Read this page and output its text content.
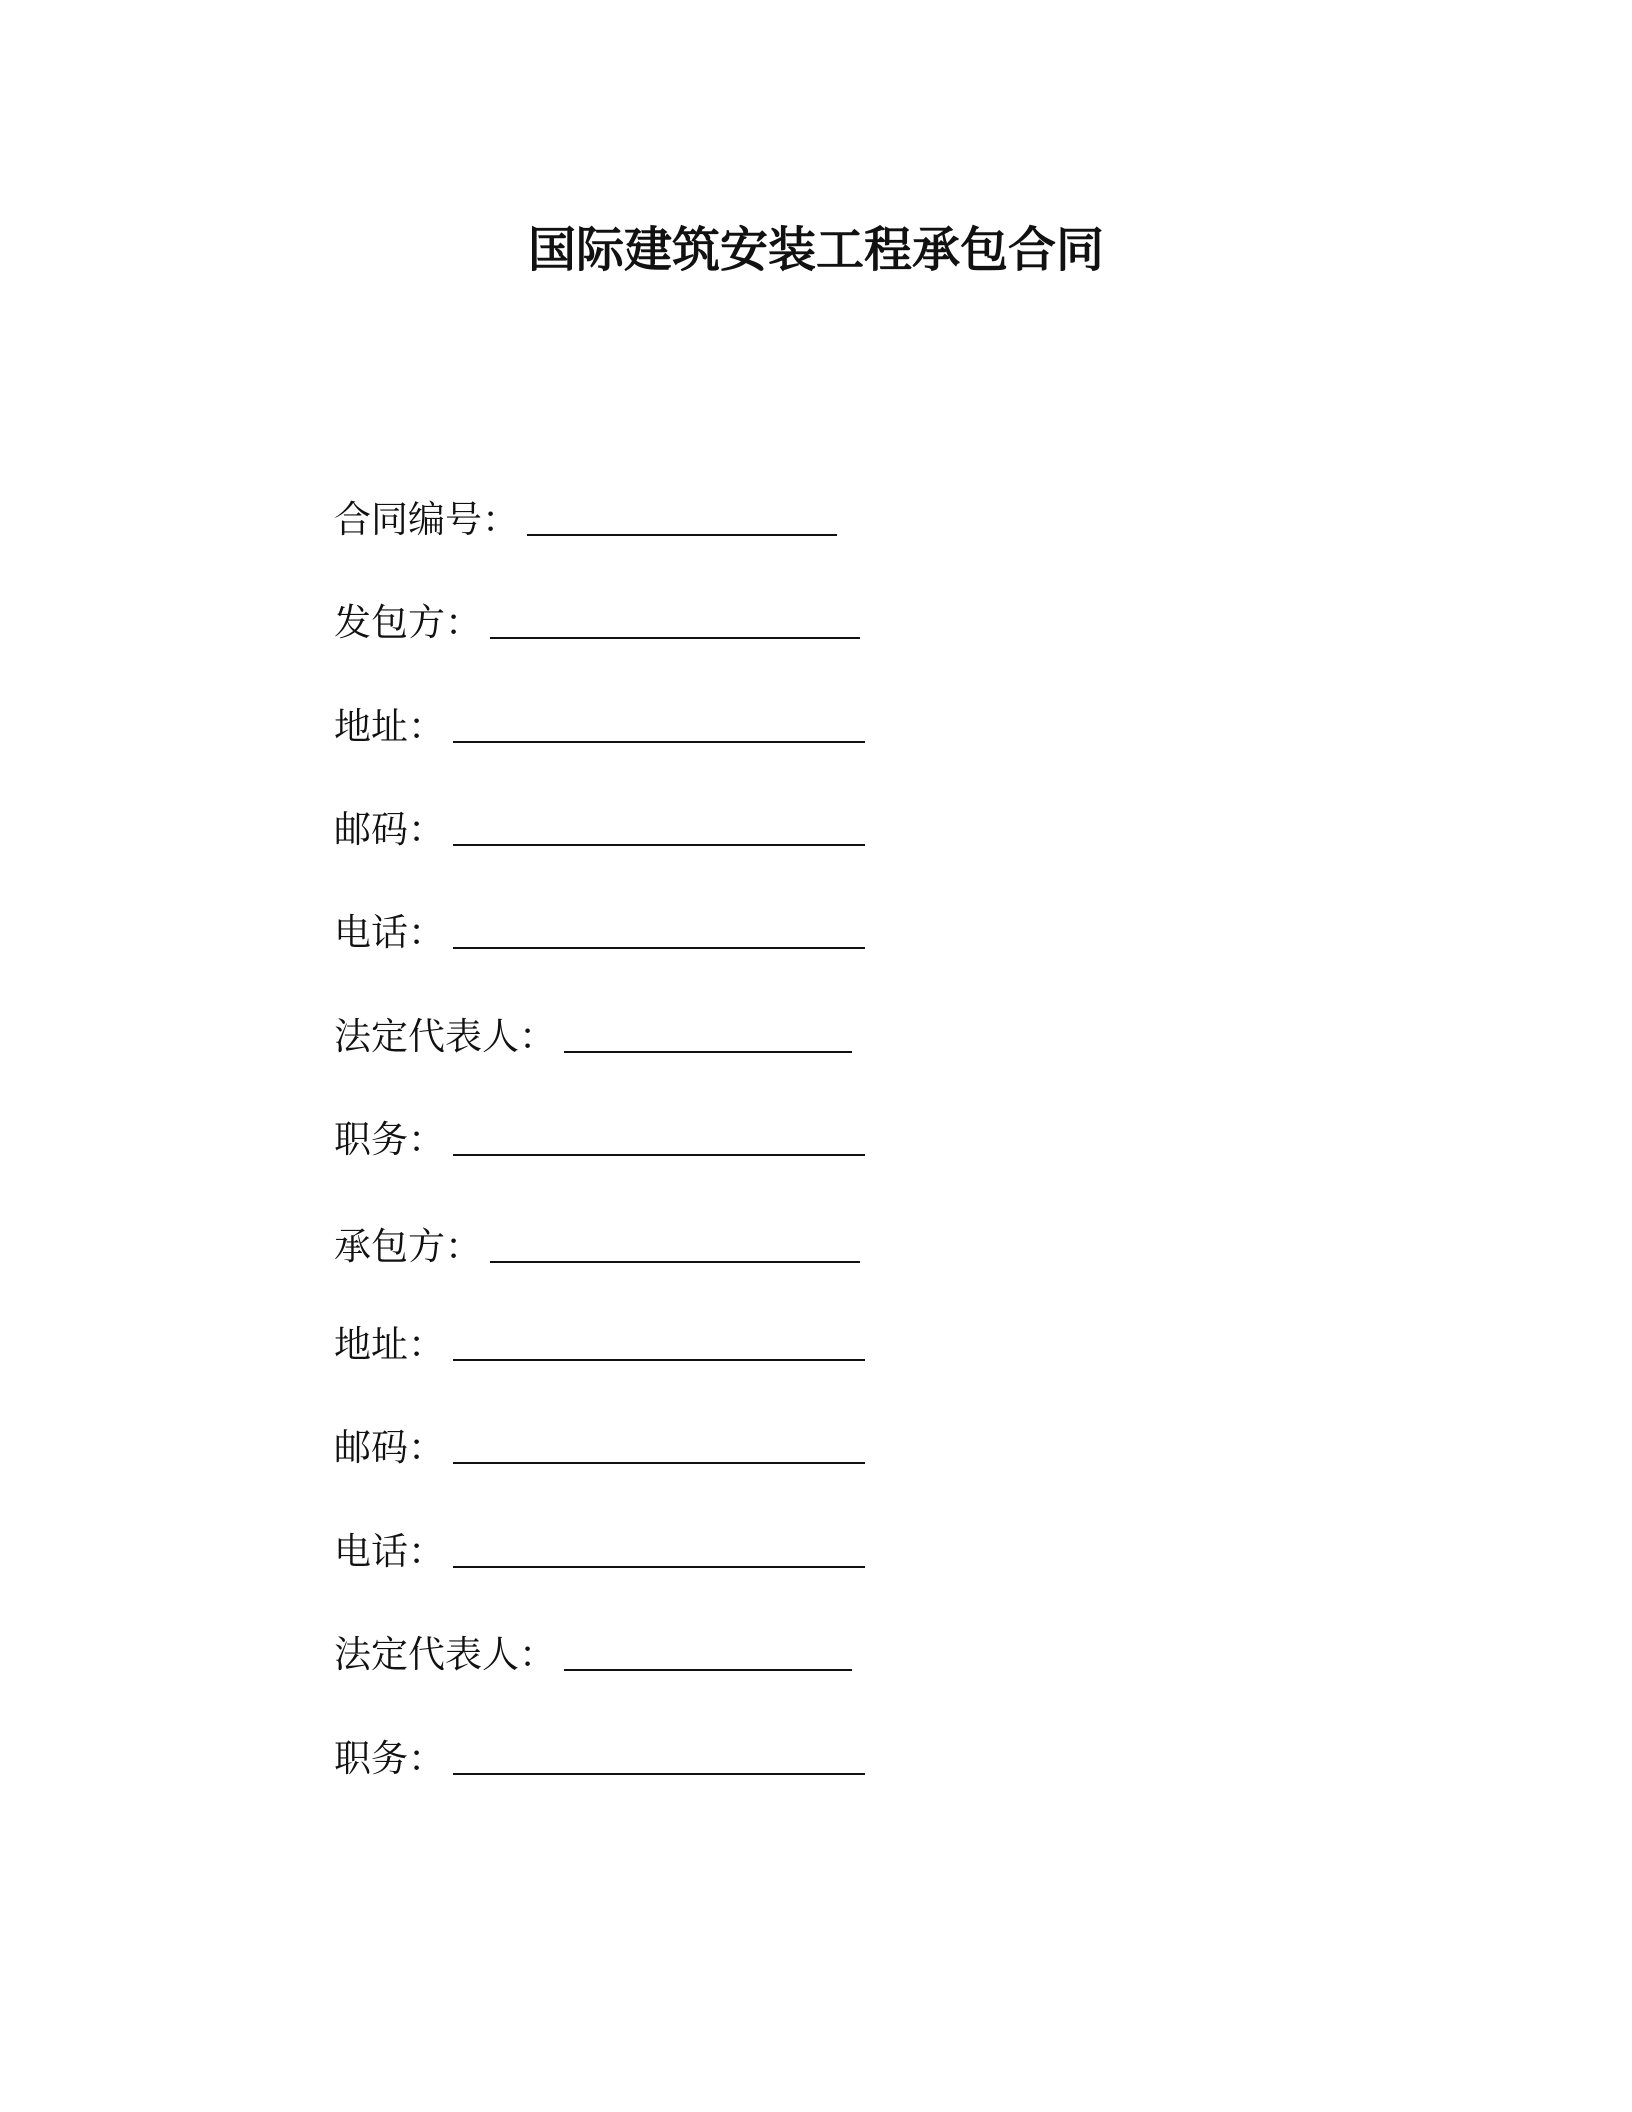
国际建筑安装工程承包合同
合同编号：
发包方：
地址：
邮码：
电话：
法定代表人：
职务：
承包方：
地址：
邮码：
电话：
法定代表人：
职务：
